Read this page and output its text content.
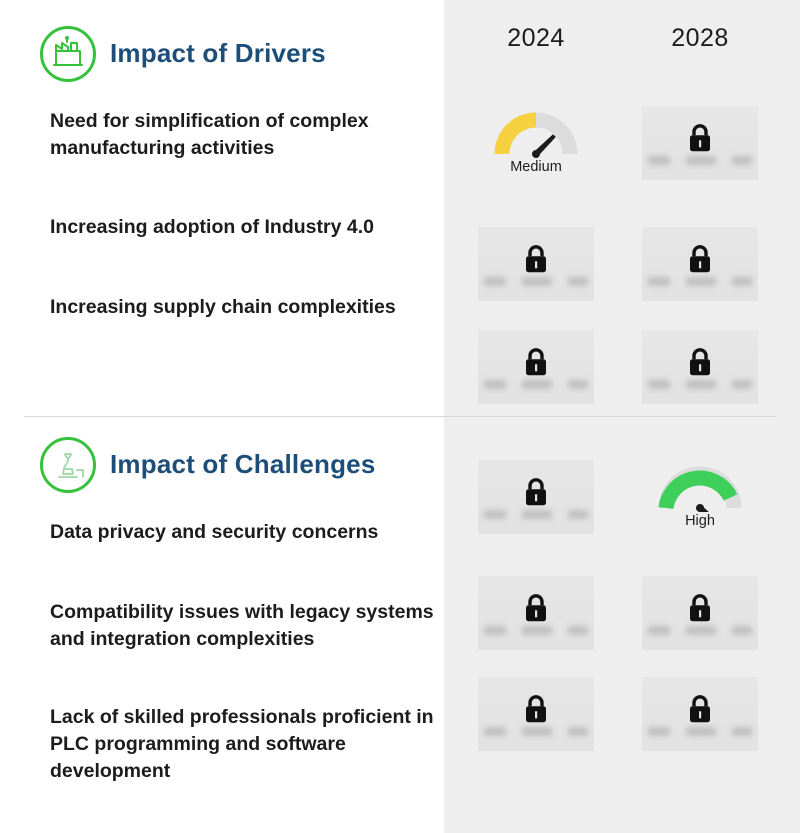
2024	2028
Impact of Drivers
Need for simplification of complex manufacturing activities
Increasing adoption of Industry 4.0
Increasing supply chain complexities
Medium
Impact of Challenges
Data privacy and security concerns
Compatibility issues with legacy systems and integration complexities
Lack of skilled professionals proficient in PLC programming and software development
High
